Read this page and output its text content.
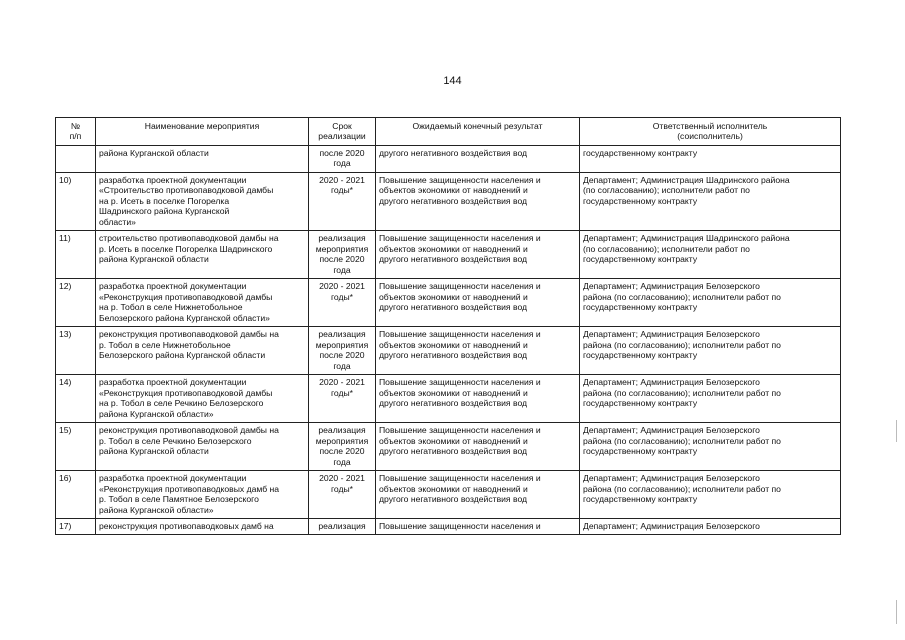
144
№
п/п	Наименование мероприятия	Срок
реализации	Ожидаемый конечный результат	Ответственный исполнитель
(соисполнитель)
	района Курганской области	после 2020
года	другого негативного воздействия вод	государственному контракту
10)	разработка проектной документации
«Строительство противопаводковой дамбы
на р. Исеть в поселке Погорелка
Шадринского района Курганской
области»	2020 - 2021
годы*	Повышение защищенности населения и
объектов экономики от наводнений и
другого негативного воздействия вод	Департамент; Администрация Шадринского района
(по согласованию); исполнители работ по
государственному контракту
11)	строительство противопаводковой дамбы на
р. Исеть в поселке Погорелка Шадринского
района Курганской области	реализация
мероприятия
после 2020
года	Повышение защищенности населения и
объектов экономики от наводнений и
другого негативного воздействия вод	Департамент; Администрация Шадринского района
(по согласованию); исполнители работ по
государственному контракту
12)	разработка проектной документации
«Реконструкция противопаводковой дамбы
на р. Тобол в селе Нижнетобольное
Белозерского района Курганской области»	2020 - 2021
годы*	Повышение защищенности населения и
объектов экономики от наводнений и
другого негативного воздействия вод	Департамент; Администрация Белозерского
района (по согласованию); исполнители работ по
государственному контракту
13)	реконструкция противопаводковой дамбы на
р. Тобол в селе Нижнетобольное
Белозерского района Курганской области	реализация
мероприятия
после 2020
года	Повышение защищенности населения и
объектов экономики от наводнений и
другого негативного воздействия вод	Департамент; Администрация Белозерского
района (по согласованию); исполнители работ по
государственному контракту
14)	разработка проектной документации
«Реконструкция противопаводковой дамбы
на р. Тобол в селе Речкино Белозерского
района Курганской области»	2020 - 2021
годы*	Повышение защищенности населения и
объектов экономики от наводнений и
другого негативного воздействия вод	Департамент; Администрация Белозерского
района (по согласованию); исполнители работ по
государственному контракту
15)	реконструкция противопаводковой дамбы на
р. Тобол в селе Речкино Белозерского
района Курганской области	реализация
мероприятия
после 2020
года	Повышение защищенности населения и
объектов экономики от наводнений и
другого негативного воздействия вод	Департамент; Администрация Белозерского
района (по согласованию); исполнители работ по
государственному контракту
16)	разработка проектной документации
«Реконструкция противопаводковых дамб на
р. Тобол в селе Памятное Белозерского
района Курганской области»	2020 - 2021
годы*	Повышение защищенности населения и
объектов экономики от наводнений и
другого негативного воздействия вод	Департамент; Администрация Белозерского
района (по согласованию); исполнители работ по
государственному контракту
17)	реконструкция противопаводковых дамб на	реализация	Повышение защищенности населения и	Департамент; Администрация Белозерского
